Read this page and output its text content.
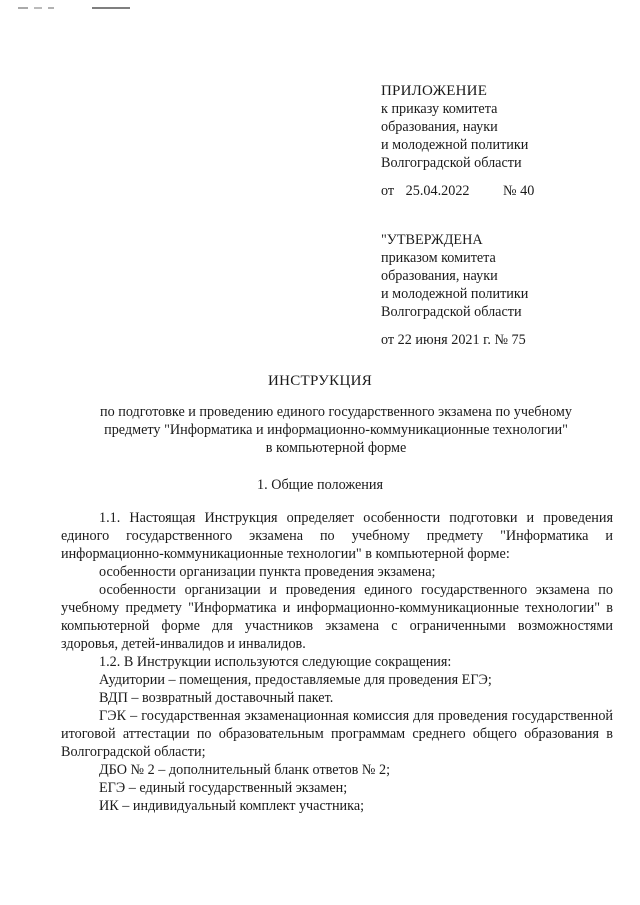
ПРИЛОЖЕНИЕ
к приказу комитета
образования, науки
и молодежной политики
Волгоградской области
от 25.04.2022 № 40
"УТВЕРЖДЕНА
приказом комитета
образования, науки
и молодежной политики
Волгоградской области
от 22 июня 2021 г. № 75
ИНСТРУКЦИЯ
по подготовке и проведению единого государственного экзамена по учебному
предмету "Информатика и информационно-коммуникационные технологии"
в компьютерной форме
1. Общие положения

1.1. Настоящая Инструкция определяет особенности подготовки и проведения единого государственного экзамена по учебному предмету "Информатика и информационно-коммуникационные технологии" в компьютерной форме:

особенности организации пункта проведения экзамена;

особенности организации и проведения единого государственного экзамена по учебному предмету "Информатика и информационно-коммуникационные технологии" в компьютерной форме для участников экзамена с ограниченными возможностями здоровья, детей-инвалидов и инвалидов.

1.2. В Инструкции используются следующие сокращения:

Аудитории – помещения, предоставляемые для проведения ЕГЭ;

ВДП – возвратный доставочный пакет.

ГЭК – государственная экзаменационная комиссия для проведения государственной итоговой аттестации по образовательным программам среднего общего образования в Волгоградской области;

ДБО № 2 – дополнительный бланк ответов № 2;

ЕГЭ – единый государственный экзамен;

ИК – индивидуальный комплект участника;
